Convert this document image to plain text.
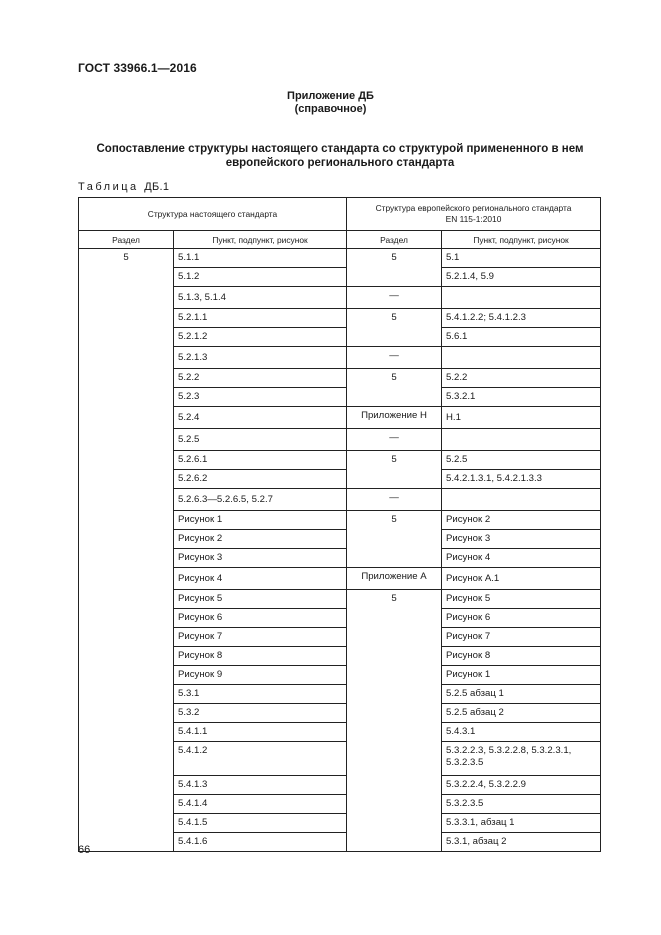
ГОСТ 33966.1—2016
Приложение ДБ
(справочное)
Сопоставление структуры настоящего стандарта со структурой примененного в нем
европейского регионального стандарта
Таблица ДБ.1
Структура настоящего стандарта		Структура европейского регионального стандарта
EN 115-1:2010	
Раздел	Пункт, подпункт, рисунок	Раздел	Пункт, подпункт, рисунок
5	5.1.1	5	5.1
	5.1.2		5.2.1.4, 5.9
	5.1.3, 5.1.4	—	
	5.2.1.1	5	5.4.1.2.2; 5.4.1.2.3
	5.2.1.2		5.6.1
	5.2.1.3	—	
	5.2.2	5	5.2.2
	5.2.3		5.3.2.1
	5.2.4	Приложение H	H.1
	5.2.5	—	
	5.2.6.1	5	5.2.5
	5.2.6.2		5.4.2.1.3.1, 5.4.2.1.3.3
	5.2.6.3—5.2.6.5, 5.2.7	—	
	Рисунок 1	5	Рисунок 2
	Рисунок 2		Рисунок 3
	Рисунок 3		Рисунок 4
	Рисунок 4	Приложение A	Рисунок A.1
	Рисунок 5	5	Рисунок 5
	Рисунок 6		Рисунок 6
	Рисунок 7		Рисунок 7
	Рисунок 8		Рисунок 8
	Рисунок 9		Рисунок 1
	5.3.1		5.2.5 абзац 1
	5.3.2		5.2.5 абзац 2
	5.4.1.1		5.4.3.1
	5.4.1.2		5.3.2.2.3, 5.3.2.2.8, 5.3.2.3.1, 5.3.2.3.5
	5.4.1.3		5.3.2.2.4, 5.3.2.2.9
	5.4.1.4		5.3.2.3.5
	5.4.1.5		5.3.3.1, абзац 1
	5.4.1.6		5.3.1, абзац 2
66
